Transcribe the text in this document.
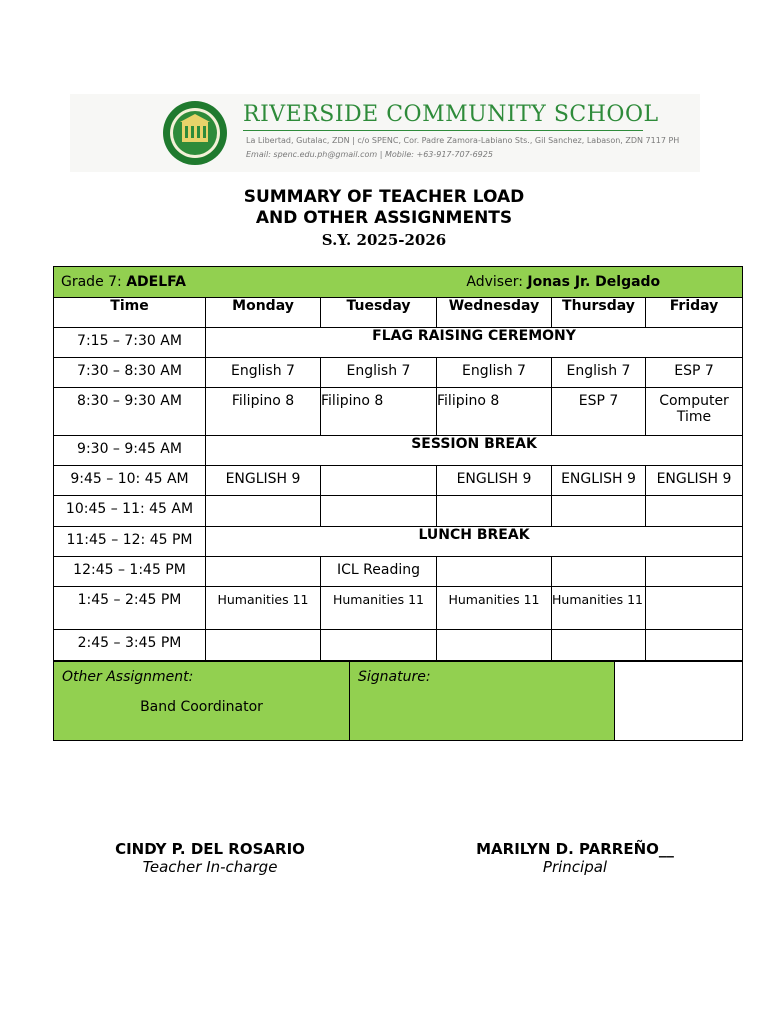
RIVERSIDE COMMUNITY SCHOOL
La Libertad, Gutalac, ZDN | c/o SPENC, Cor. Padre Zamora-Labiano Sts., Gil Sanchez, Labason, ZDN 7117 PH
Email: spenc.edu.ph@gmail.com | Mobile: +63-917-707-6925
SUMMARY OF TEACHER LOAD
AND OTHER ASSIGNMENTS
S.Y. 2025-2026
Grade 7: ADELFA Adviser: Jonas Jr. Delgado					
Time	Monday	Tuesday	Wednesday	Thursday	Friday
7:15 – 7:30 AM	FLAG RAISING CEREMONY				
7:30 – 8:30 AM	English 7	English 7	English 7	English 7	ESP 7
8:30 – 9:30 AM	Filipino 8	Filipino 8	Filipino 8	ESP 7	Computer Time
9:30 – 9:45 AM	SESSION BREAK				
9:45 – 10: 45 AM	ENGLISH 9		ENGLISH 9	ENGLISH 9	ENGLISH 9
10:45 – 11: 45 AM					
11:45 – 12: 45 PM	LUNCH BREAK				
12:45 – 1:45 PM		ICL Reading			
1:45 – 2:45 PM	Humanities 11	Humanities 11	Humanities 11	Humanities 11	
2:45 – 3:45 PM					
Other Assignment:
Band Coordinator

Signature:

CINDY P. DEL ROSARIO
Teacher In-charge
MARILYN D. PARREÑO__
Principal
